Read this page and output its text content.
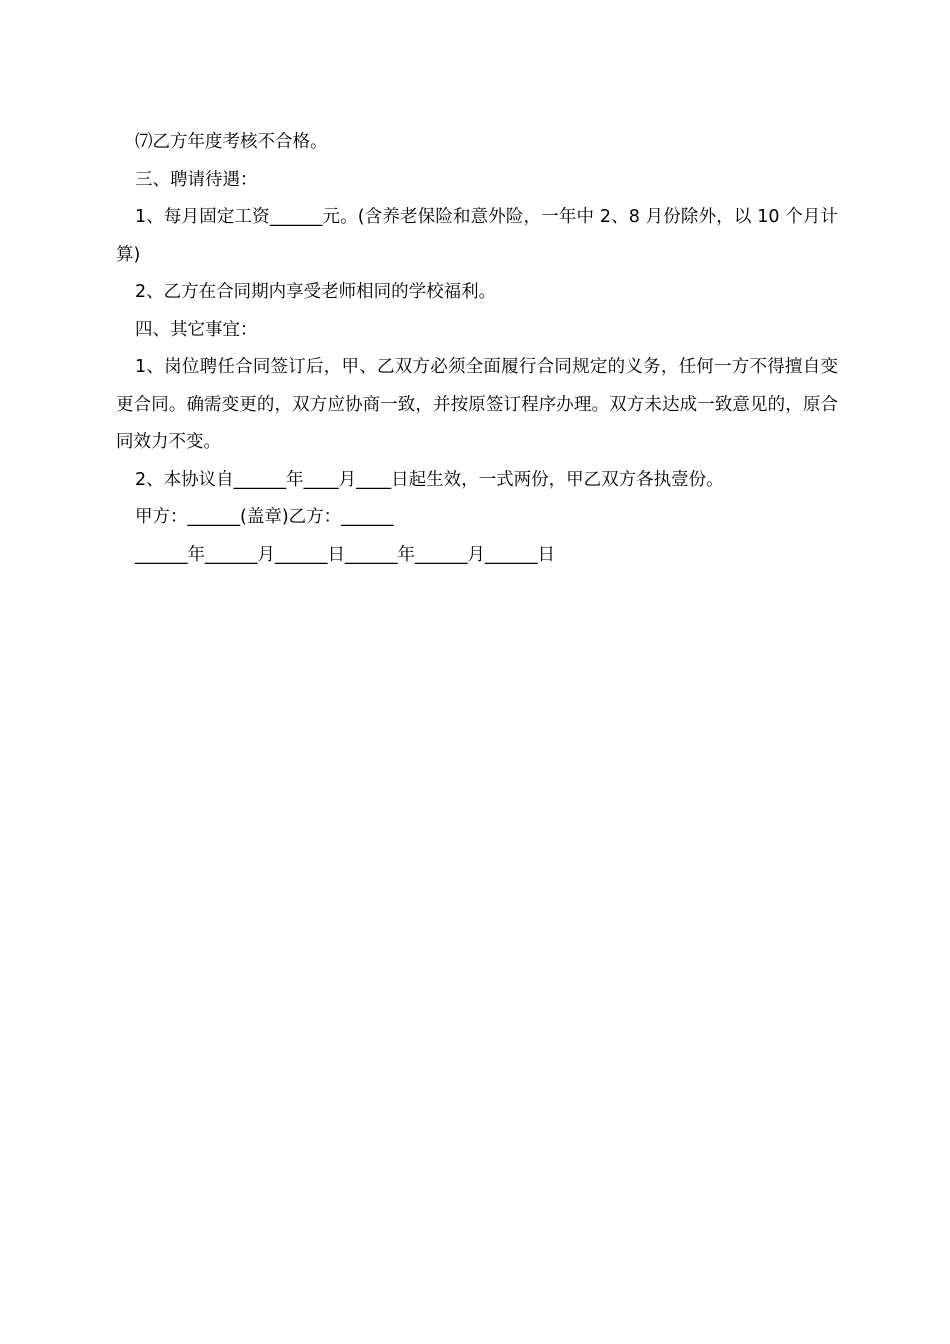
⑺乙方年度考核不合格。

三、聘请待遇：

1、每月固定工资______元。(含养老保险和意外险，一年中 2、8 月份除外，以 10 个月计算)

2、乙方在合同期内享受老师相同的学校福利。

四、其它事宜：

1、岗位聘任合同签订后，甲、乙双方必须全面履行合同规定的义务，任何一方不得擅自变更合同。确需变更的，双方应协商一致，并按原签订程序办理。双方未达成一致意见的，原合同效力不变。

2、本协议自______年____月____日起生效，一式两份，甲乙双方各执壹份。

甲方：______(盖章)乙方：______

______年______月______日______年______月______日
